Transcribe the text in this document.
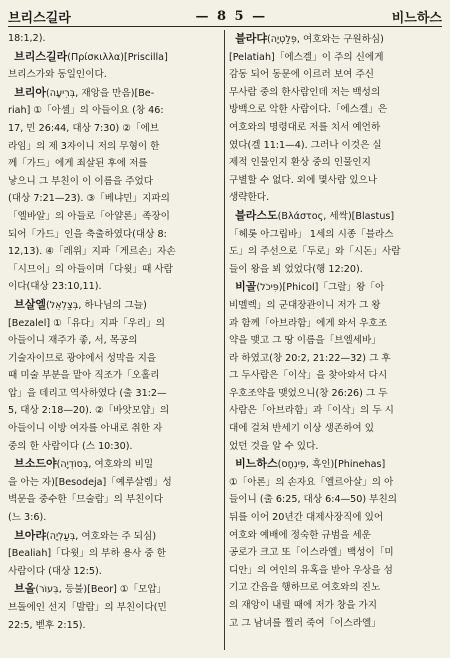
브리스길라	— 8 5 —	비느하스
18:1,2).
브리스길라(Πρίσκιλλα)[Priscilla]
브리스가와 동일인이다.
브리아(בְּרִיעָה, 재앙을 만음)[Be-
riah] ①「아셀」의 아들이요 (창 46:
17, 민 26:44, 대상 7:30) ②「에브
라임」의 제 3자이니 저의 무형이 한
께「가드」에게 죄살된 후에 저를
낳으니 그 부친이 이 이름을 주었다
(대상 7:21—23). ③「베냐민」지파의
「엘바알」의 아들로「아얄론」족장이
되어「가드」인을 축출하였다(대상 8:
12,13). ④「레위」지파「게르손」자손
「시므이」의 아들이며「다윗」때 사람
이다(대상 23:10,11).
브살엘(בְּצַלְאֵל, 하나님의 그늘)
[Bezalel] ①「유다」지파「우리」의
아들이니 재주가 좋, 서, 목공의
기술자이므로 광야에서 성막을 지을
때 미술 부분을 맡아 직조가「오홀리
압」을 데리고 역사하였다 (출 31:2—
5, 대상 2:18—20). ②「바앗모얍」의
아들이니 이방 여자를 아내로 취한 자
중의 한 사람이다 (스 10:30).
브소드야(בְּסוֹדְיָה, 여호와의 비밀
을 아는 자)[Besodeja]「예루살렘」성
벽문을 중수한「므술람」의 부친이다
(느 3:6).
브아랴(בְּעַלְיָה, 여호와는 주 되심)
[Bealiah]「다윗」의 부하 용사 중 한
사람이다 (대상 12:5).
브올(בְּעוֹר, 등불)[Beor] ①「모압」
브돌에인 선지「발람」의 부친이다(민
22:5, 벧후 2:15).
블라댜(פְּלַטְיָה, 여호와는 구원하심)
[Pelatiah]「에스겔」이 주의 신에게
감동 되어 동문에 이르러 보여 주신
무사람 중의 한사람인데 저는 백성의
방백으로 악한 사람이다.「에스겔」은
여호와의 명령대로 저를 치서 예언하
였다(겔 11:1—4). 그러나 이것은 실
제적 인물인지 환상 중의 인물인지
구별할 수 없다. 외에 몇사람 있으나
생략한다.
블라스도(Βλάστος, 세싹)[Blastus]
「헤롯 아그립바」 1세의 시종「블라스
도」의 주선으로「두로」와「시돈」사람
들이 왕을 뵈 었었다(행 12:20).
비골(פִּיכֹל)[Phicol]「그랄」왕「아
비멜렉」의 군대장관이니 저가 그 왕
과 함께「아브라함」에게 와서 우호조
약을 맺고 그 땅 이름을「브엘세바」
라 하였고(창 20:2, 21:22—32) 그 후
그 두사람은「이삭」을 찾아와서 다시
우호조약을 맺었으니(창 26:26) 그 두
사람은「아브라함」과「이삭」의 두 시
대에 걸쳐 반세기 이상 생존하여 있
었던 것을 알 수 있다.
비느하스(פִּינְחָס, 흑인)[Phinehas]
①「아론」의 손자요「엘르아살」의 아
들이니 (출 6:25, 대상 6:4—50) 부친의
뒤를 이어 20년간 대제사장직에 있어
여호와 예배에 정숙한 규범을 세운
공로가 크고 또「이스라엘」백성이「미
디안」의 여인의 유혹을 받아 우상을 섬
기고 간음을 행하므로 여호와의 진노
의 재앙이 내릴 때에 저가 창을 가지
고 그 남녀를 찔러 죽여「이스라엘」
